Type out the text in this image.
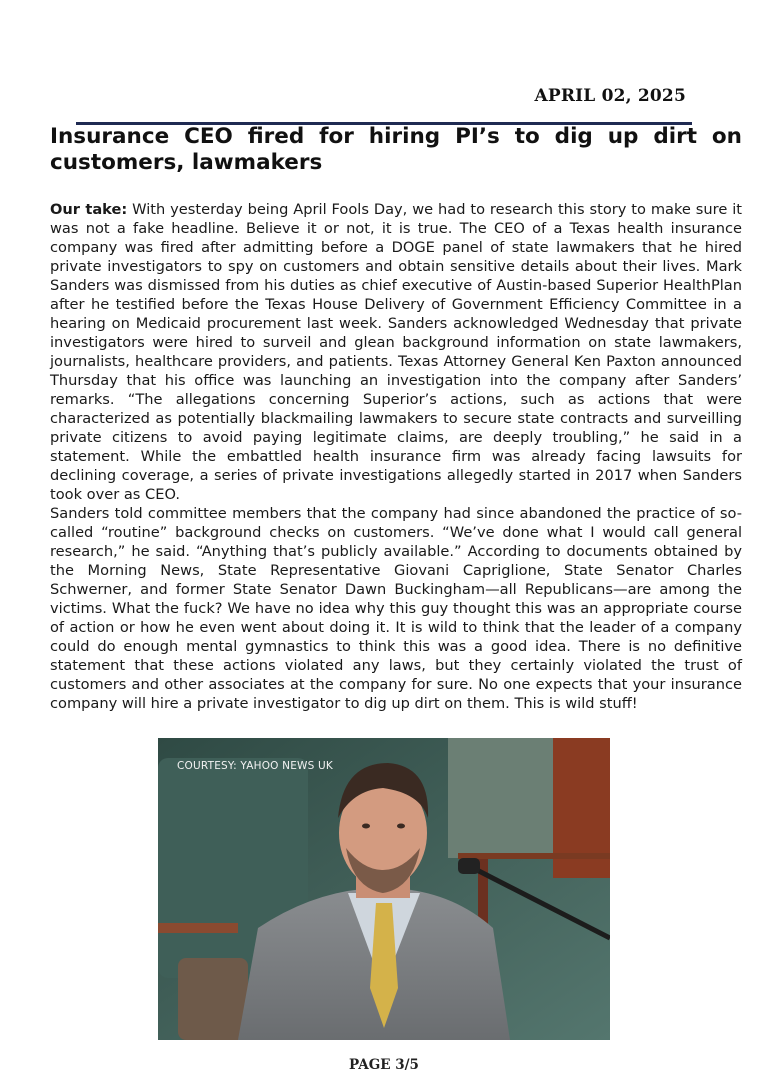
APRIL 02, 2025
Insurance CEO fired for hiring PI’s to dig up dirt on customers, lawmakers

Our take: With yesterday being April Fools Day, we had to research this story to make sure it was not a fake headline. Believe it or not, it is true. The CEO of a Texas health insurance company was fired after admitting before a DOGE panel of state lawmakers that he hired private investigators to spy on customers and obtain sensitive details about their lives. Mark Sanders was dismissed from his duties as chief executive of Austin-based Superior HealthPlan after he testified before the Texas House Delivery of Government Efficiency Committee in a hearing on Medicaid procurement last week. Sanders acknowledged Wednesday that private investigators were hired to surveil and glean background information on state lawmakers, journalists, healthcare providers, and patients. Texas Attorney General Ken Paxton announced Thursday that his office was launching an investigation into the company after Sanders’ remarks. “The allegations concerning Superior’s actions, such as actions that were characterized as potentially blackmailing lawmakers to secure state contracts and surveilling private citizens to avoid paying legitimate claims, are deeply troubling,” he said in a statement. While the embattled health insurance firm was already facing lawsuits for declining coverage, a series of private investigations allegedly started in 2017 when Sanders took over as CEO.

Sanders told committee members that the company had since abandoned the practice of so-called “routine” background checks on customers. “We’ve done what I would call general research,” he said. “Anything that’s publicly available.” According to documents obtained by the Morning News, State Representative Giovani Capriglione, State Senator Charles Schwerner, and former State Senator Dawn Buckingham—all Republicans—are among the victims. What the fuck? We have no idea why this guy thought this was an appropriate course of action or how he even went about doing it. It is wild to think that the leader of a company could do enough mental gymnastics to think this was a good idea. There is no definitive statement that these actions violated any laws, but they certainly violated the trust of customers and other associates at the company for sure. No one expects that your insurance company will hire a private investigator to dig up dirt on them. This is wild stuff!

COURTESY: YAHOO NEWS UK
PAGE 3/5
